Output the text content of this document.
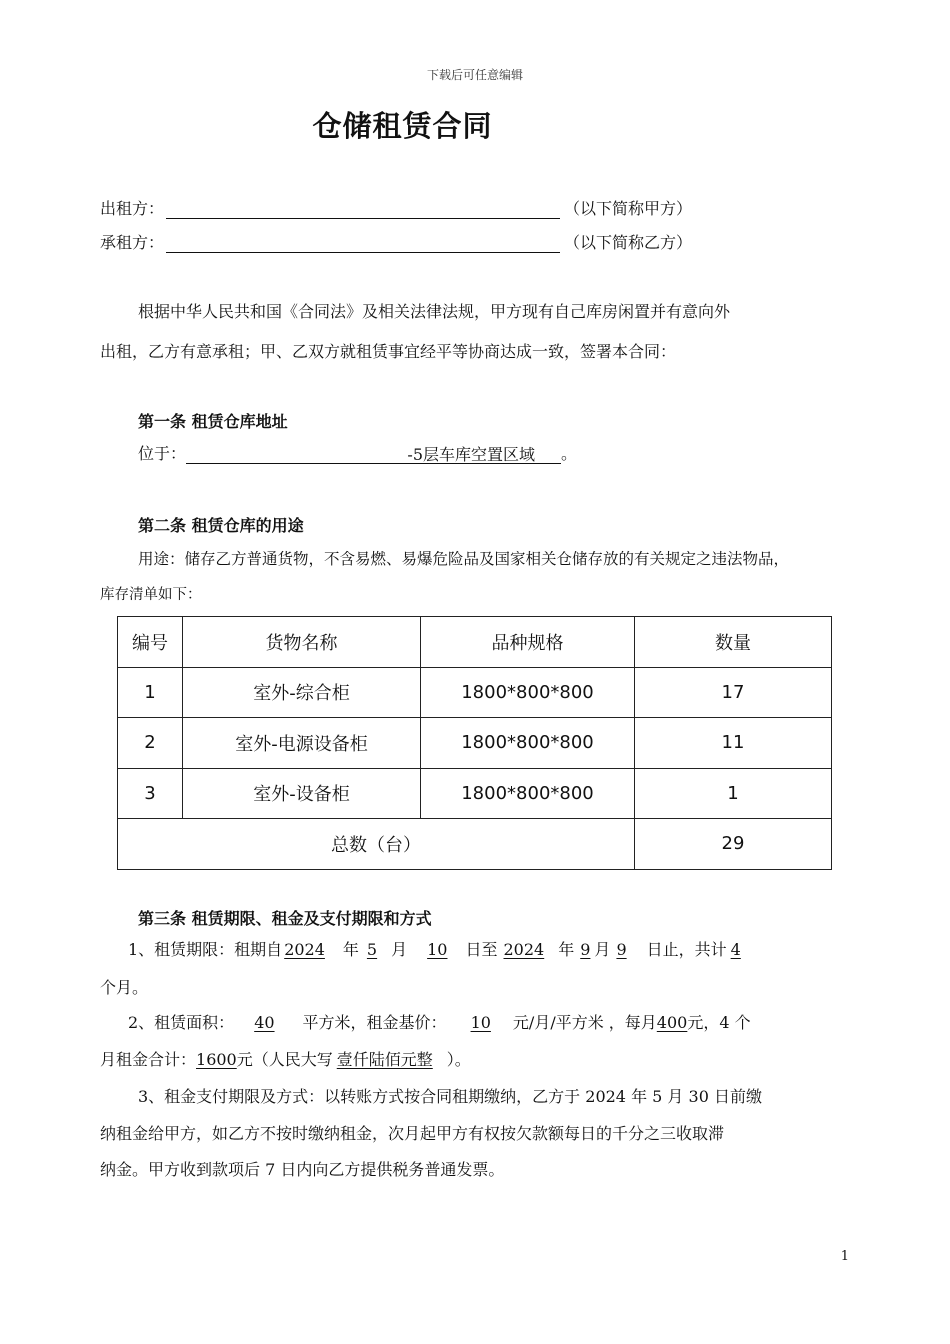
下载后可任意编辑
仓储租赁合同
出租方：	（以下简称甲方）
承租方：	（以下简称乙方）
根据中华人民共和国《合同法》及相关法律法规，甲方现有自己库房闲置并有意向外
出租，乙方有意承租；甲、乙双方就租赁事宜经平等协商达成一致，签署本合同：
第一条 租赁仓库地址
位于：	-5层车库空置区域 。
第二条 租赁仓库的用途
用途：储存乙方普通货物，不含易燃、易爆危险品及国家相关仓储存放的有关规定之违法物品，
库存清单如下：
编号	货物名称	品种规格	数量
1	室外-综合柜	1800*800*800	17
2	室外-电源设备柜	1800*800*800	11
3	室外-设备柜	1800*800*800	1
总数（台）			29
第三条 租赁期限、租金及支付期限和方式
1、租赁期限：租期自 2024 年 5 月 10 日至 2024 年 9 月 9 日止，共计 4
个月。
2、租赁面积： 40 平方米，租金基价： 10 元/月/平方米 ，每月400元，4 个
月租金合计：1600元（人民大写 壹仟陆佰元整 ）。
3、租金支付期限及方式：以转账方式按合同租期缴纳，乙方于 2024 年 5 月 30 日前缴
纳租金给甲方，如乙方不按时缴纳租金，次月起甲方有权按欠款额每日的千分之三收取滞
纳金。甲方收到款项后 7 日内向乙方提供税务普通发票。
1
